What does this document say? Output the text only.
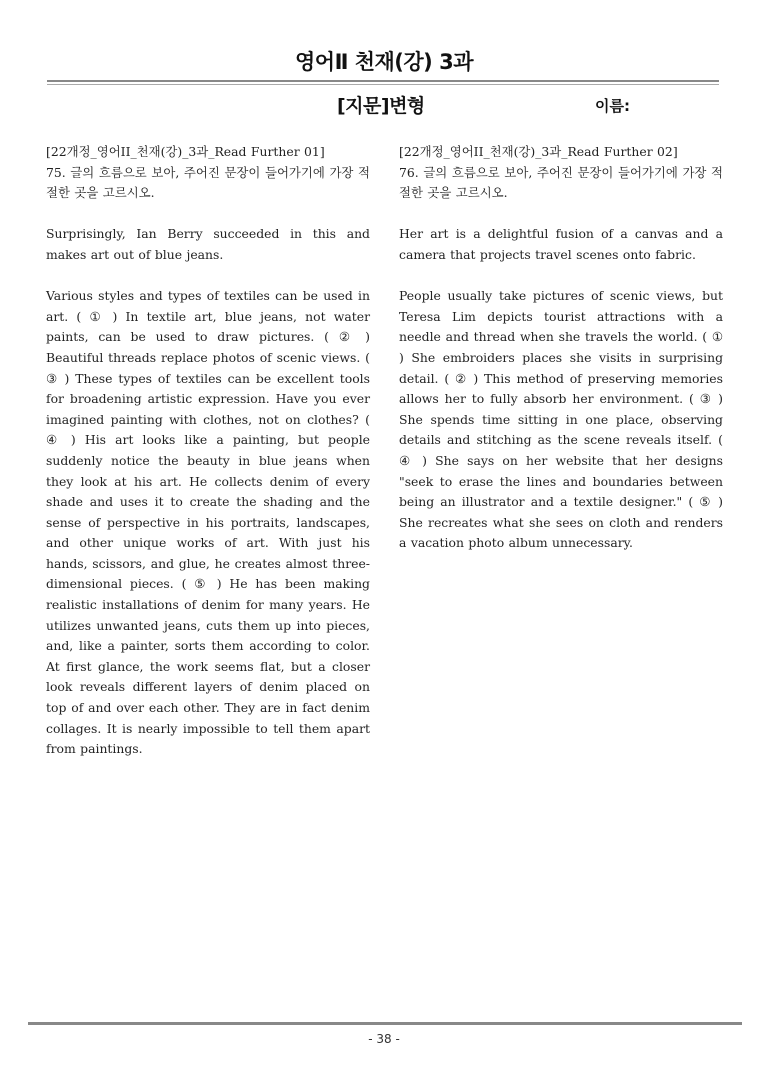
영어Ⅱ 천재(강) 3과
[지문]변형	이름:

[22개정_영어II_천재(강)_3과_Read Further 01]

75. 글의 흐름으로 보아, 주어진 문장이 들어가기에 가장 적절한 곳을 고르시오.

Surprisingly, Ian Berry succeeded in this and makes art out of blue jeans.

Various styles and types of textiles can be used in art. ( ① ) In textile art, blue jeans, not water paints, can be used to draw pictures. ( ② ) Beautiful threads replace photos of scenic views. ( ③ ) These types of textiles can be excellent tools for broadening artistic expression. Have you ever imagined painting with clothes, not on clothes? ( ④ ) His art looks like a painting, but people suddenly notice the beauty in blue jeans when they look at his art. He collects denim of every shade and uses it to create the shading and the sense of perspective in his portraits, landscapes, and other unique works of art. With just his hands, scissors, and glue, he creates almost three-dimensional pieces. ( ⑤ ) He has been making realistic installations of denim for many years. He utilizes unwanted jeans, cuts them up into pieces, and, like a painter, sorts them according to color. At first glance, the work seems flat, but a closer look reveals different layers of denim placed on top of and over each other. They are in fact denim collages. It is nearly impossible to tell them apart from paintings.

[22개정_영어II_천재(강)_3과_Read Further 02]

76. 글의 흐름으로 보아, 주어진 문장이 들어가기에 가장 적절한 곳을 고르시오.

Her art is a delightful fusion of a canvas and a camera that projects travel scenes onto fabric.

People usually take pictures of scenic views, but Teresa Lim depicts tourist attractions with a needle and thread when she travels the world. ( ① ) She embroiders places she visits in surprising detail. ( ② ) This method of preserving memories allows her to fully absorb her environment. ( ③ ) She spends time sitting in one place, observing details and stitching as the scene reveals itself. ( ④ ) She says on her website that her designs "seek to erase the lines and boundaries between being an illustrator and a textile designer." ( ⑤ ) She recreates what she sees on cloth and renders a vacation photo album unnecessary.

- 38 -
